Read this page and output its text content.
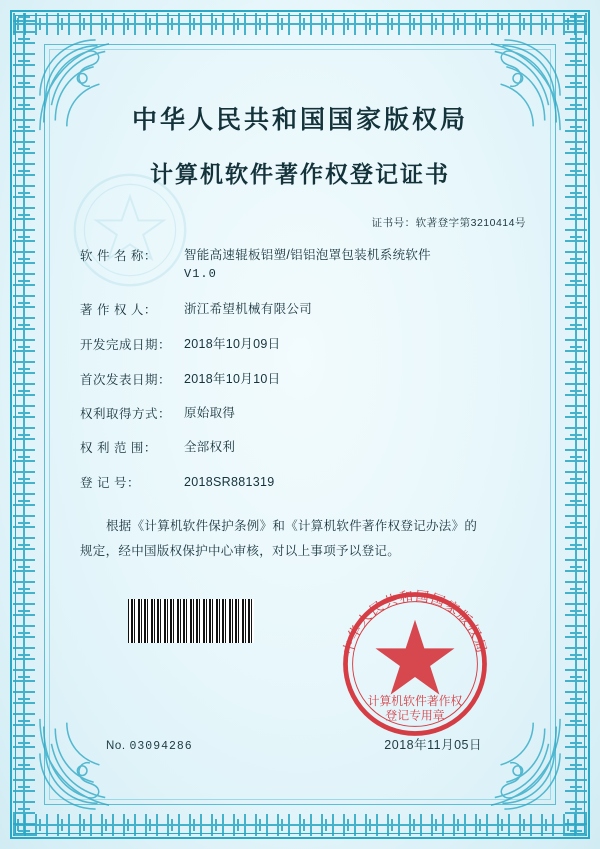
中华人民共和国国家版权局
计算机软件著作权登记证书
证书号：软著登字第3210414号
软 件 名 称：	智能高速辊板铝塑/铝铝泡罩包装机系统软件
V1.0
著 作 权 人：	浙江希望机械有限公司
开发完成日期：	2018年10月09日
首次发表日期：	2018年10月10日
权利取得方式：	原始取得
权 利 范 围：	全部权利
登 记 号：	2018SR881319
根据《计算机软件保护条例》和《计算机软件著作权登记办法》的
规定，经中国版权保护中心审核，对以上事项予以登记。
中华人民共和国国家版权局
计算机软件著作权
登记专用章
No. 03094286	2018年11月05日
